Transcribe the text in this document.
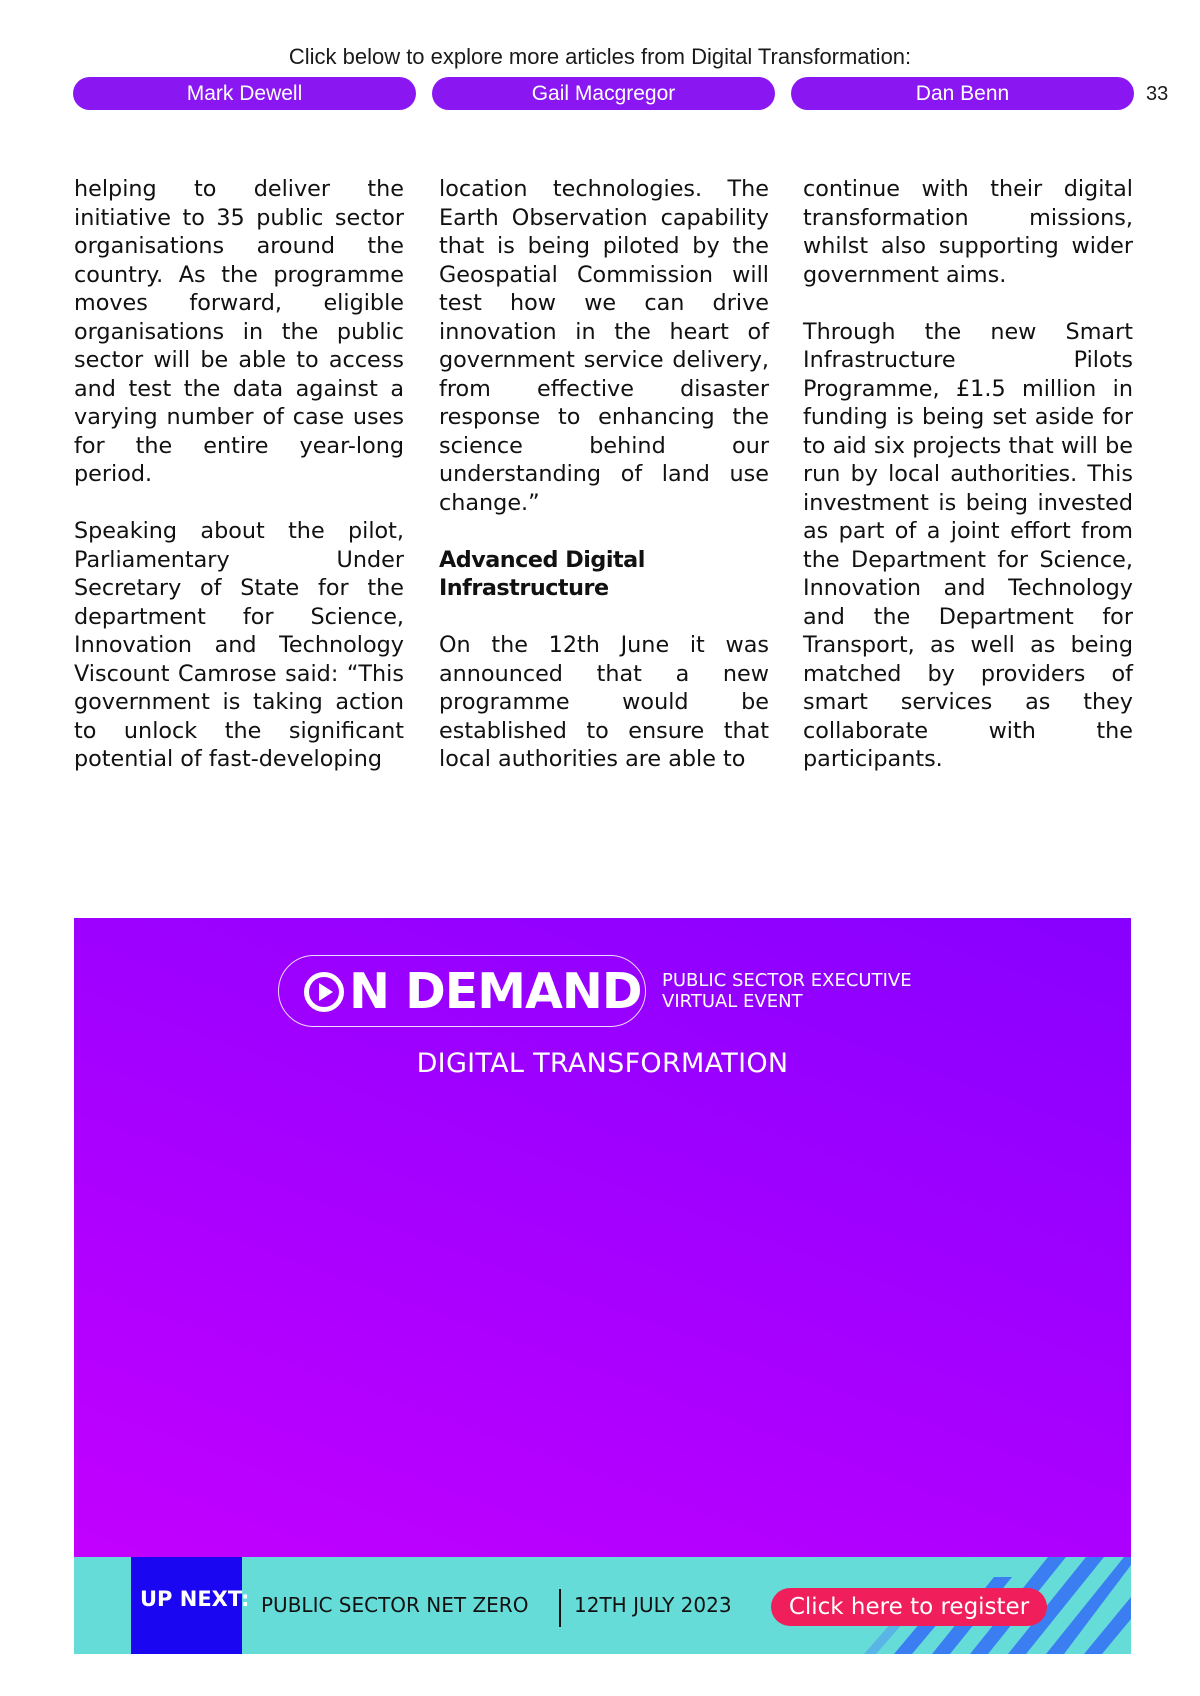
Click below to explore more articles from Digital Transformation:
Mark Dewell	Gail Macgregor	Dan Benn	33

helping to deliver the initiative to 35 public sector organisations around the country. As the programme moves forward, eligible organisations in the public sector will be able to access and test the data against a varying number of case uses for the entire year-long period.

Speaking about the pilot, Parliamentary Under Secretary of State for the department for Science, Innovation and Technology Viscount Camrose said: “This government is taking action to unlock the significant potential of fast-developing

location technologies. The Earth Observation capability that is being piloted by the Geospatial Commission will test how we can drive innovation in the heart of government service delivery, from effective disaster response to enhancing the science behind our understanding of land use change.”

Advanced Digital Infrastructure

On the 12th June it was announced that a new programme would be established to ensure that local authorities are able to

continue with their digital transformation missions, whilst also supporting wider government aims.

Through the new Smart Infrastructure Pilots Programme, £1.5 million in funding is being set aside for to aid six projects that will be run by local authorities. This investment is being invested as part of a joint effort from the Department for Science, Innovation and Technology and the Department for Transport, as well as being matched by providers of smart services as they collaborate with the participants.

N DEMAND PUBLIC SECTOR EXECUTIVE
VIRTUAL EVENT
DIGITAL TRANSFORMATION
UP NEXT: PUBLIC SECTOR NET ZERO 12TH JULY 2023	Click here to register
